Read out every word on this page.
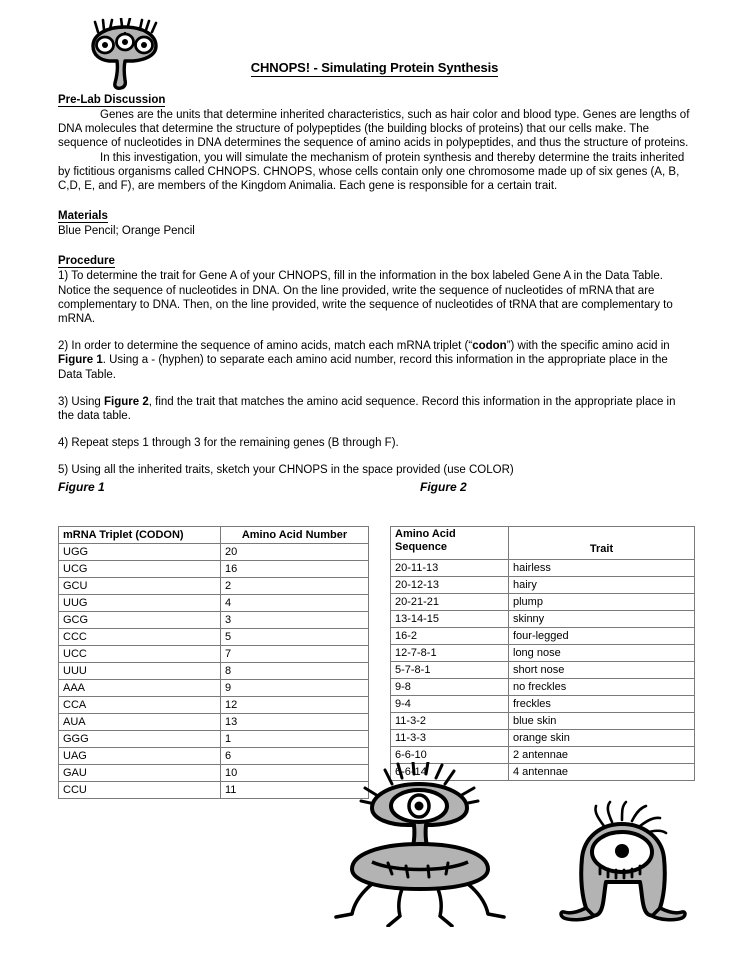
CHNOPS! - Simulating Protein Synthesis
Pre-Lab Discussion

Genes are the units that determine inherited characteristics, such as hair color and blood type. Genes are lengths of DNA molecules that determine the structure of polypeptides (the building blocks of proteins) that our cells make. The sequence of nucleotides in DNA determines the sequence of amino acids in polypeptides, and thus the structure of proteins.

In this investigation, you will simulate the mechanism of protein synthesis and thereby determine the traits inherited by fictitious organisms called CHNOPS. CHNOPS, whose cells contain only one chromosome made up of six genes (A, B, C,D, E, and F), are members of the Kingdom Animalia. Each gene is responsible for a certain trait.

Materials

Blue Pencil; Orange Pencil

Procedure

1) To determine the trait for Gene A of your CHNOPS, fill in the information in the box labeled Gene A in the Data Table. Notice the sequence of nucleotides in DNA. On the line provided, write the sequence of nucleotides of mRNA that are complementary to DNA. Then, on the line provided, write the sequence of nucleotides of tRNA that are complementary to mRNA.

2) In order to determine the sequence of amino acids, match each mRNA triplet (“codon”) with the specific amino acid in Figure 1. Using a - (hyphen) to separate each amino acid number, record this information in the appropriate place in the Data Table.

3) Using Figure 2, find the trait that matches the amino acid sequence. Record this information in the appropriate place in the data table.

4) Repeat steps 1 through 3 for the remaining genes (B through F).

5) Using all the inherited traits, sketch your CHNOPS in the space provided (use COLOR)

Figure 1	Figure 2
mRNA Triplet (CODON)	Amino Acid Number
UGG	20
UCG	16
GCU	2
UUG	4
GCG	3
CCC	5
UCC	7
UUU	8
AAA	9
CCA	12
AUA	13
GGG	1
UAG	6
GAU	10
CCU	11
Amino Acid
Sequence	Trait
20-11-13	hairless
20-12-13	hairy
20-21-21	plump
13-14-15	skinny
16-2	four-legged
12-7-8-1	long nose
5-7-8-1	short nose
9-8	no freckles
9-4	freckles
11-3-2	blue skin
11-3-3	orange skin
6-6-10	2 antennae
6-6-14	4 antennae
